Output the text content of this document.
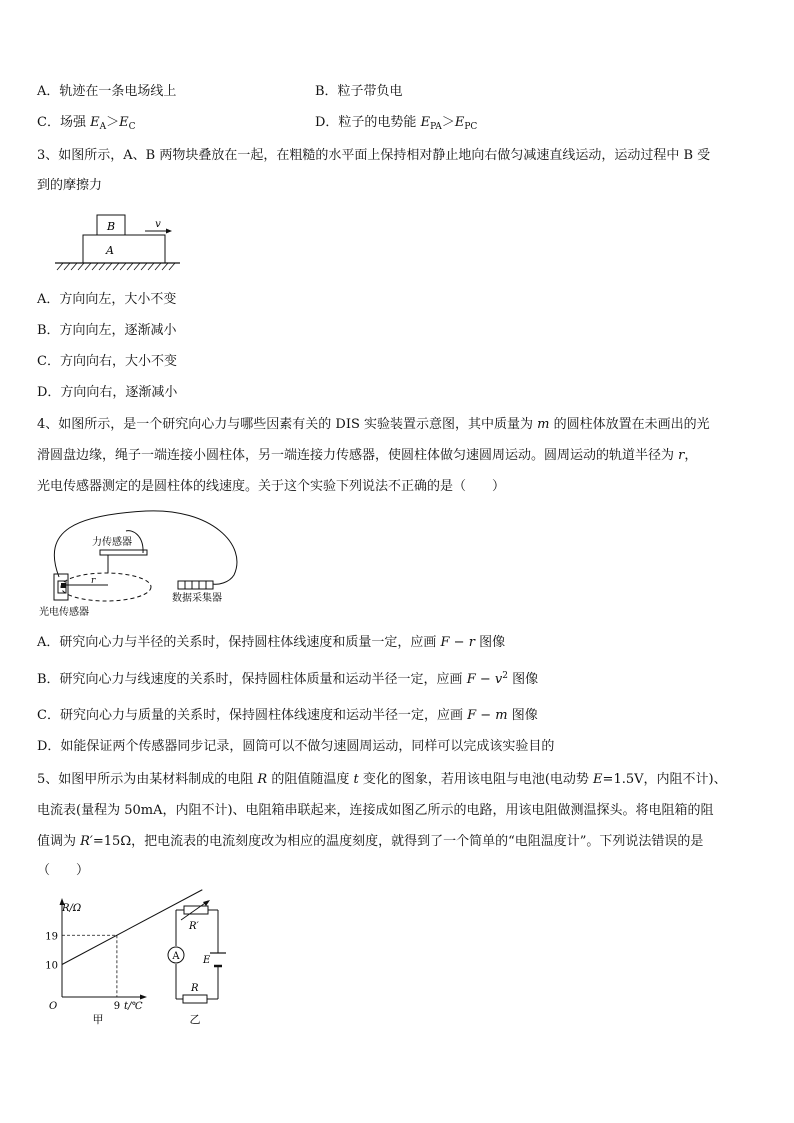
A．轨迹在一条电场线上	B．粒子带负电
C．场强 $E_A>E_C$	D．粒子的电势能 $E_{PA}>E_{PC}$
3、如图所示，A、B 两物块叠放在一起，在粗糙的水平面上保持相对静止地向右做匀减速直线运动，运动过程中 B 受
到的摩擦力
B
A
v
A．方向向左，大小不变
B．方向向左，逐渐减小
C．方向向右，大小不变
D．方向向右，逐渐减小
4、如图所示，是一个研究向心力与哪些因素有关的 DIS 实验装置示意图，其中质量为 m 的圆柱体放置在未画出的光
滑圆盘边缘，绳子一端连接小圆柱体，另一端连接力传感器，使圆柱体做匀速圆周运动。圆周运动的轨道半径为 r，
光电传感器测定的是圆柱体的线速度。关于这个实验下列说法不正确的是（　　）
r
力传感器
数据采集器
光电传感器
A．研究向心力与半径的关系时，保持圆柱体线速度和质量一定，应画 F − r 图像
B．研究向心力与线速度的关系时，保持圆柱体质量和运动半径一定，应画 $F - v^2$ 图像
C．研究向心力与质量的关系时，保持圆柱体线速度和运动半径一定，应画 F − m 图像
D．如能保证两个传感器同步记录，圆筒可以不做匀速圆周运动，同样可以完成该实验目的
5、如图甲所示为由某材料制成的电阻 R 的阻值随温度 t 变化的图象，若用该电阻与电池(电动势 E=1.5V，内阻不计)、
电流表(量程为 50mA，内阻不计)、电阻箱串联起来，连接成如图乙所示的电路，用该电阻做测温探头。将电阻箱的阻
值调为 R′=15Ω，把电流表的电流刻度改为相应的温度刻度，就得到了一个简单的“电阻温度计”。下列说法错误的是
（　　）
R/Ω
t/℃
O
19
10
9
甲
A
R′
E
R
乙
